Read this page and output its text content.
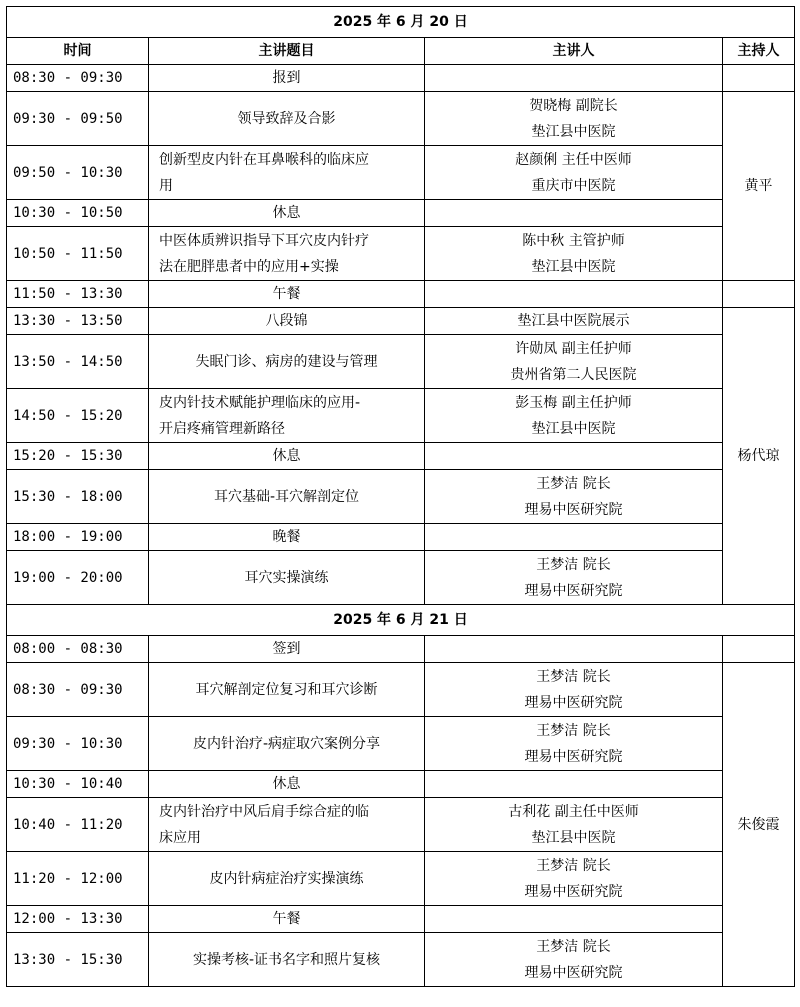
2025 年 6 月 20 日			
时间	主讲题目	主讲人	主持人
08:30 - 09:30	报到		

09:30 - 09:50	领导致辞及合影	贺晓梅 副院长
垫江县中医院	黄平
09:50 - 10:30	创新型皮内针在耳鼻喉科的临床应
用	赵颜俐 主任中医师
重庆市中医院	

10:30 - 10:50	休息		

10:50 - 11:50	中医体质辨识指导下耳穴皮内针疗
法在肥胖患者中的应用+实操	陈中秋 主管护师
垫江县中医院	

11:50 - 13:30	午餐		

13:30 - 13:50	八段锦	垫江县中医院展示	杨代琼
13:50 - 14:50	失眠门诊、病房的建设与管理	许勋凤 副主任护师
贵州省第二人民医院	

14:50 - 15:20	皮内针技术赋能护理临床的应用-
开启疼痛管理新路径	彭玉梅 副主任护师
垫江县中医院	

15:20 - 15:30	休息		

15:30 - 18:00	耳穴基础-耳穴解剖定位	王梦洁 院长
理易中医研究院	

18:00 - 19:00	晚餐		

19:00 - 20:00	耳穴实操演练	王梦洁 院长
理易中医研究院	

2025 年 6 月 21 日			
08:00 - 08:30	签到		

08:30 - 09:30	耳穴解剖定位复习和耳穴诊断	王梦洁 院长
理易中医研究院	朱俊霞
09:30 - 10:30	皮内针治疗-病症取穴案例分享	王梦洁 院长
理易中医研究院	

10:30 - 10:40	休息		

10:40 - 11:20	皮内针治疗中风后肩手综合症的临
床应用	古利花 副主任中医师
垫江县中医院	

11:20 - 12:00	皮内针病症治疗实操演练	王梦洁 院长
理易中医研究院	

12:00 - 13:30	午餐		

13:30 - 15:30	实操考核-证书名字和照片复核	王梦洁 院长
理易中医研究院	
